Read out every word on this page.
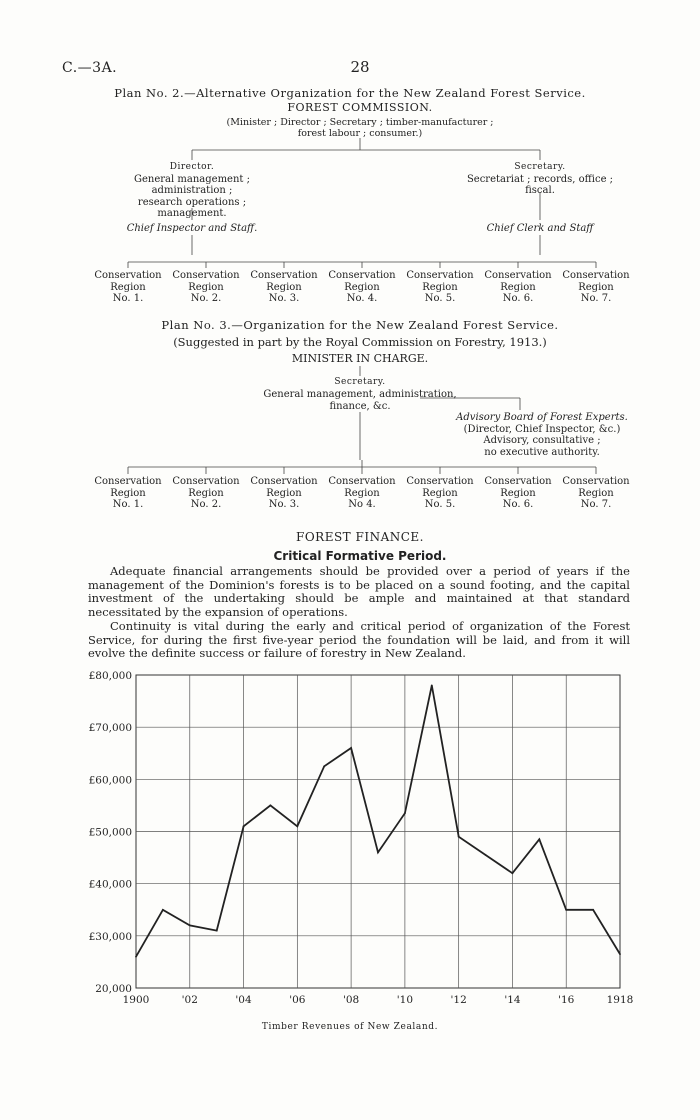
C.—3A.	28
Plan No. 2.—Alternative Organization for the New Zealand Forest Service.
FOREST COMMISSION.
(Minister ; Director ; Secretary ; timber-manufacturer ;
forest labour ; consumer.)
Director.
General management ;
administration ;
research operations ;
management.
Chief Inspector and Staff.
Secretary.
Secretariat ; records, office ;
fiscal.
Chief Clerk and Staff
Conservation
Region
No. 1.
Conservation
Region
No. 2.
Conservation
Region
No. 3.
Conservation
Region
No. 4.
Conservation
Region
No. 5.
Conservation
Region
No. 6.
Conservation
Region
No. 7.
Plan No. 3.—Organization for the New Zealand Forest Service.
(Suggested in part by the Royal Commission on Forestry, 1913.)
MINISTER IN CHARGE.
Secretary.
General management, administration,
finance, &c.
Advisory Board of Forest Experts.
(Director, Chief Inspector, &c.)
Advisory, consultative ;
no executive authority.
Conservation
Region
No. 1.
Conservation
Region
No. 2.
Conservation
Region
No. 3.
Conservation
Region
No 4.
Conservation
Region
No. 5.
Conservation
Region
No. 6.
Conservation
Region
No. 7.
FOREST FINANCE.
Critical Formative Period.
Adequate financial arrangements should be provided over a period of years if the management of the Dominion's forests is to be placed on a sound footing, and the capital investment of the undertaking should be ample and maintained at that standard necessitated by the expansion of operations.
Continuity is vital during the early and critical period of organization of the Forest Service, for during the first five-year period the foundation will be laid, and from it will evolve the definite success or failure of forestry in New Zealand.
20,000
£30,000
£40,000
£50,000
£60,000
£70,000
£80,000
1900	'02	'04	'06	'08	'10	'12	'14	'16	1918
Timber Revenues of New Zealand.
